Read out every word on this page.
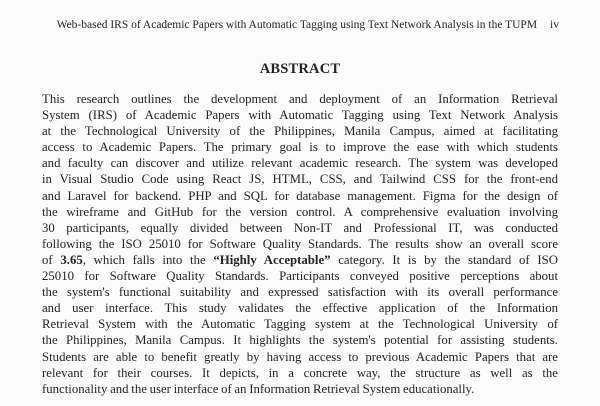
Web-based IRS of Academic Papers with Automatic Tagging using Text Network Analysis in the TUPM iv
ABSTRACT
This research outlines the development and deployment of an Information Retrieval
System (IRS) of Academic Papers with Automatic Tagging using Text Network Analysis
at the Technological University of the Philippines, Manila Campus, aimed at facilitating
access to Academic Papers. The primary goal is to improve the ease with which students
and faculty can discover and utilize relevant academic research. The system was developed
in Visual Studio Code using React JS, HTML, CSS, and Tailwind CSS for the front-end
and Laravel for backend. PHP and SQL for database management. Figma for the design of
the wireframe and GitHub for the version control. A comprehensive evaluation involving
30 participants, equally divided between Non-IT and Professional IT, was conducted
following the ISO 25010 for Software Quality Standards. The results show an overall score
of 3.65, which falls into the “Highly Acceptable” category. It is by the standard of ISO
25010 for Software Quality Standards. Participants conveyed positive perceptions about
the system's functional suitability and expressed satisfaction with its overall performance
and user interface. This study validates the effective application of the Information
Retrieval System with the Automatic Tagging system at the Technological University of
the Philippines, Manila Campus. It highlights the system's potential for assisting students.
Students are able to benefit greatly by having access to previous Academic Papers that are
relevant for their courses. It depicts, in a concrete way, the structure as well as the
functionality and the user interface of an Information Retrieval System educationally.
